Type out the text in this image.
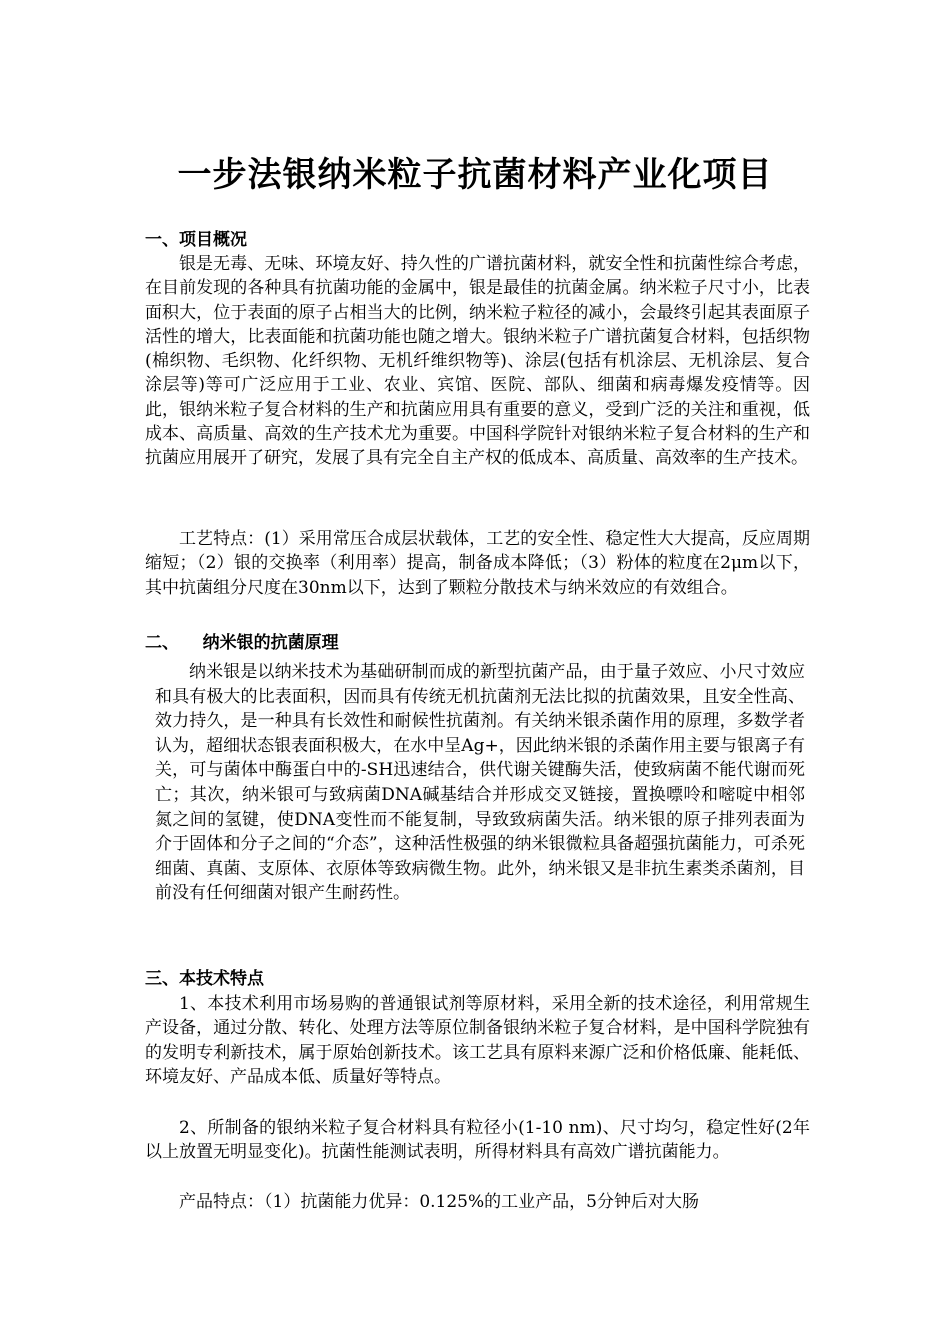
一步法银纳米粒子抗菌材料产业化项目
一、项目概况
银是无毒、无味、环境友好、持久性的广谱抗菌材料，就安全性和抗菌性综合考虑，在目前发现的各种具有抗菌功能的金属中，银是最佳的抗菌金属。纳米粒子尺寸小，比表面积大，位于表面的原子占相当大的比例，纳米粒子粒径的减小，会最终引起其表面原子活性的增大，比表面能和抗菌功能也随之增大。银纳米粒子广谱抗菌复合材料，包括织物(棉织物、毛织物、化纤织物、无机纤维织物等)、涂层(包括有机涂层、无机涂层、复合涂层等)等可广泛应用于工业、农业、宾馆、医院、部队、细菌和病毒爆发疫情等。因此，银纳米粒子复合材料的生产和抗菌应用具有重要的意义，受到广泛的关注和重视，低成本、高质量、高效的生产技术尤为重要。中国科学院针对银纳米粒子复合材料的生产和抗菌应用展开了研究，发展了具有完全自主产权的低成本、高质量、高效率的生产技术。
工艺特点：(1）采用常压合成层状载体，工艺的安全性、稳定性大大提高，反应周期缩短；（2）银的交换率（利用率）提高，制备成本降低；（3）粉体的粒度在2μm以下，其中抗菌组分尺度在30nm以下，达到了颗粒分散技术与纳米效应的有效组合。
二、    纳米银的抗菌原理
纳米银是以纳米技术为基础研制而成的新型抗菌产品，由于量子效应、小尺寸效应和具有极大的比表面积，因而具有传统无机抗菌剂无法比拟的抗菌效果，且安全性高、效力持久，是一种具有长效性和耐候性抗菌剂。有关纳米银杀菌作用的原理，多数学者认为，超细状态银表面积极大，在水中呈Ag+，因此纳米银的杀菌作用主要与银离子有关，可与菌体中酶蛋白中的-SH迅速结合，供代谢关键酶失活，使致病菌不能代谢而死亡；其次，纳米银可与致病菌DNA碱基结合并形成交叉链接，置换嘌呤和嘧啶中相邻氮之间的氢键，使DNA变性而不能复制，导致致病菌失活。纳米银的原子排列表面为介于固体和分子之间的“介态”，这种活性极强的纳米银微粒具备超强抗菌能力，可杀死细菌、真菌、支原体、衣原体等致病微生物。此外，纳米银又是非抗生素类杀菌剂，目前没有任何细菌对银产生耐药性。
三、本技术特点
1、本技术利用市场易购的普通银试剂等原材料，采用全新的技术途径，利用常规生产设备，通过分散、转化、处理方法等原位制备银纳米粒子复合材料，是中国科学院独有的发明专利新技术，属于原始创新技术。该工艺具有原料来源广泛和价格低廉、能耗低、环境友好、产品成本低、质量好等特点。
2、所制备的银纳米粒子复合材料具有粒径小(1-10 nm)、尺寸均匀，稳定性好(2年以上放置无明显变化)。抗菌性能测试表明，所得材料具有高效广谱抗菌能力。
产品特点：（1）抗菌能力优异：0.125%的工业产品，5分钟后对大肠
